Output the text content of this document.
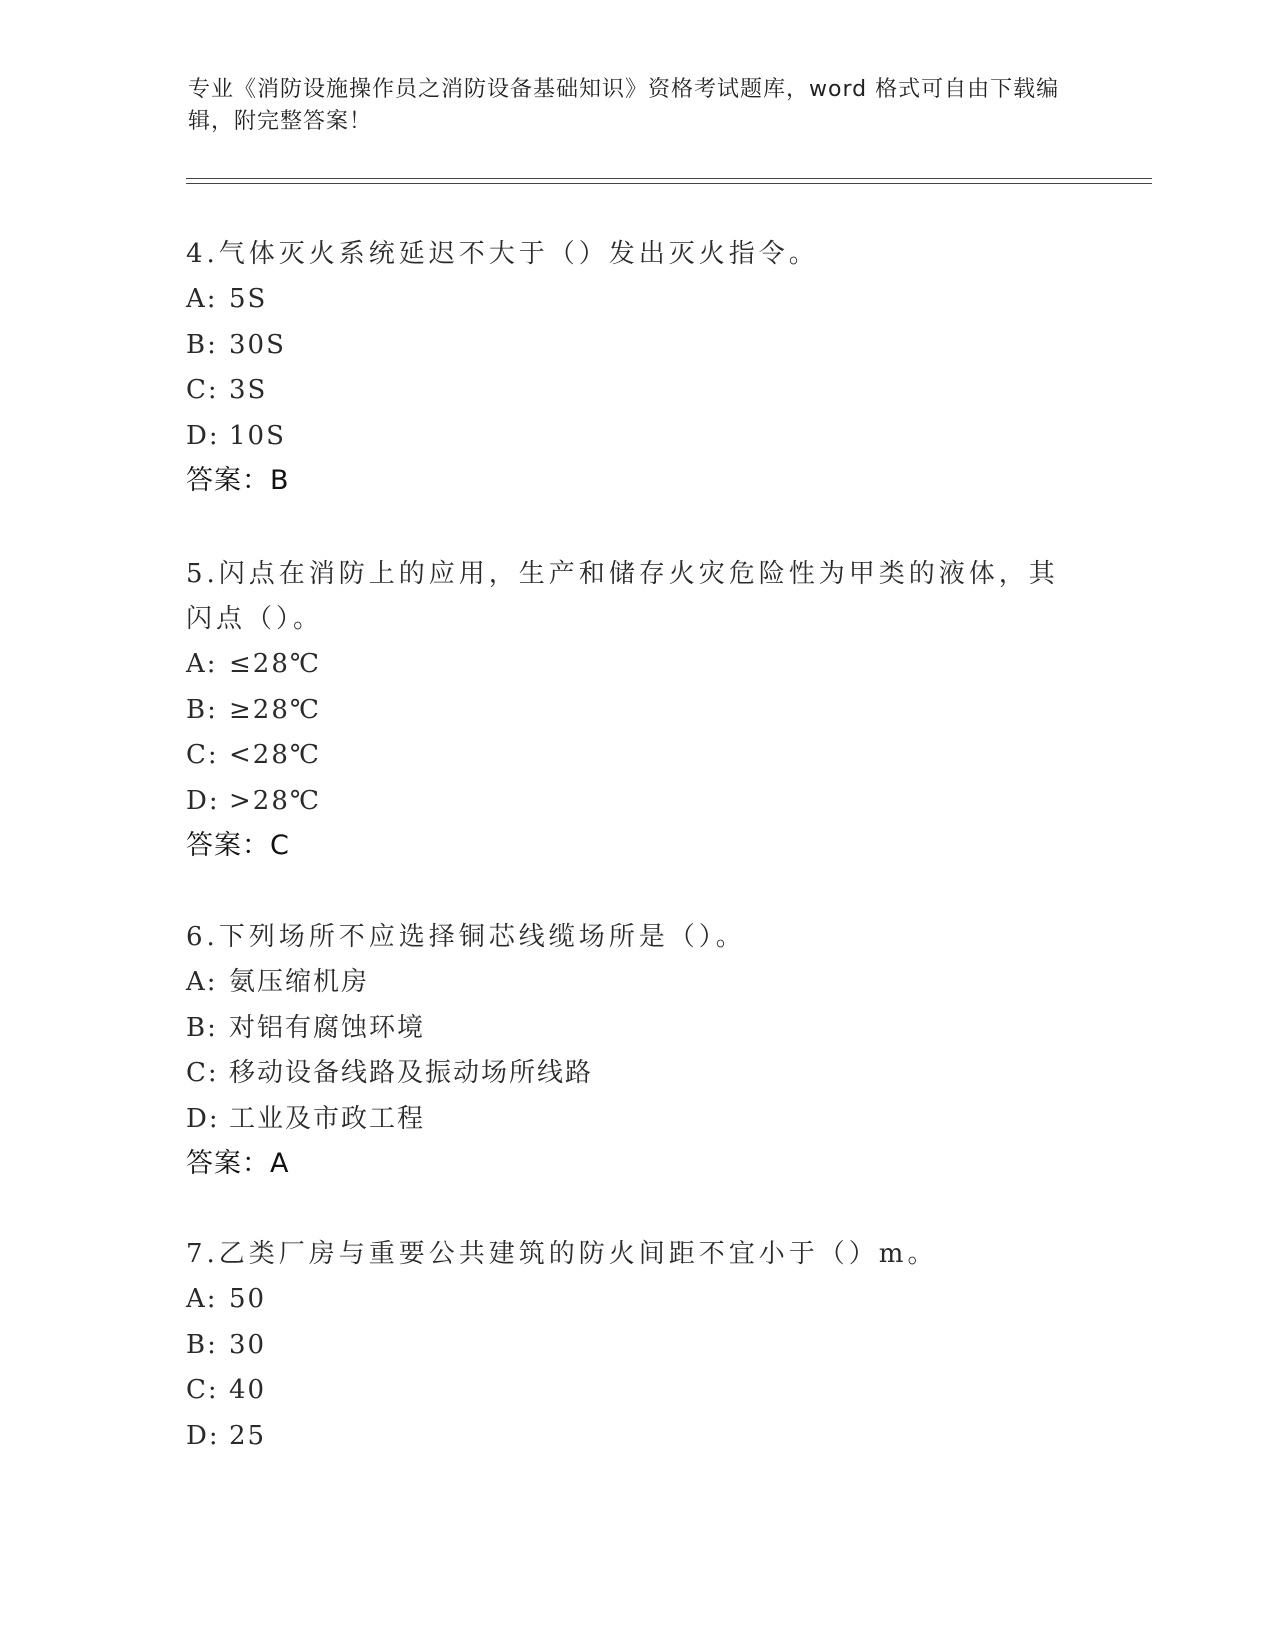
专业《消防设施操作员之消防设备基础知识》资格考试题库，word 格式可自由下载编辑，附完整答案！
4.气体灭火系统延迟不大于（）发出灭火指令。
A: 5S
B: 30S
C: 3S
D: 10S
答案：B
5.闪点在消防上的应用，生产和储存火灾危险性为甲类的液体，其闪点（）。
A: ≤28℃
B: ≥28℃
C: <28℃
D: >28℃
答案：C
6.下列场所不应选择铜芯线缆场所是（）。
A: 氨压缩机房
B: 对铝有腐蚀环境
C: 移动设备线路及振动场所线路
D: 工业及市政工程
答案：A
7.乙类厂房与重要公共建筑的防火间距不宜小于（）m。
A: 50
B: 30
C: 40
D: 25
